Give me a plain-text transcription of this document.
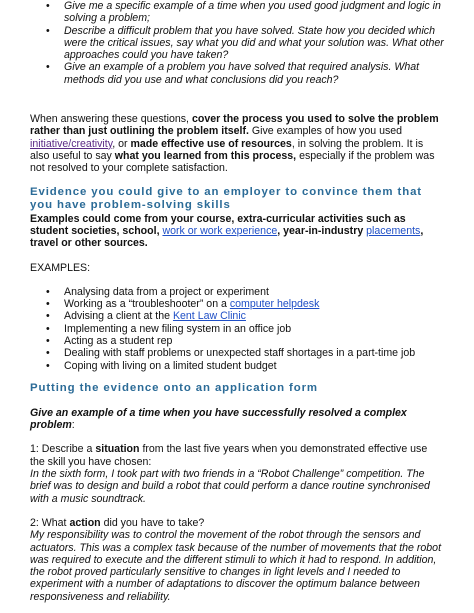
• Give me a specific example of a time when you used good judgment and logic in solving a problem;
• Describe a difficult problem that you have solved. State how you decided which were the critical issues, say what you did and what your solution was. What other approaches could you have taken?
• Give an example of a problem you have solved that required analysis. What methods did you use and what conclusions did you reach?

When answering these questions, cover the process you used to solve the problem rather than just outlining the problem itself. Give examples of how you used initiative/creativity, or made effective use of resources, in solving the problem. It is also useful to say what you learned from this process, especially if the problem was not resolved to your complete satisfaction.

Evidence you could give to an employer to convince them that you have problem-solving skills

Examples could come from your course, extra-curricular activities such as student societies, school, work or work experience, year-in-industry placements, travel or other sources.

EXAMPLES:

• Analysing data from a project or experiment
• Working as a “troubleshooter” on a computer helpdesk
• Advising a client at the Kent Law Clinic
• Implementing a new filing system in an office job
• Acting as a student rep
• Dealing with staff problems or unexpected staff shortages in a part-time job
• Coping with living on a limited student budget

Putting the evidence onto an application form

Give an example of a time when you have successfully resolved a complex problem:

1: Describe a situation from the last five years when you demonstrated effective use the skill you have chosen:

In the sixth form, I took part with two friends in a “Robot Challenge” competition. The brief was to design and build a robot that could perform a dance routine synchronised with a music soundtrack.

2: What action did you have to take?

My responsibility was to control the movement of the robot through the sensors and actuators. This was a complex task because of the number of movements that the robot was required to execute and the different stimuli to which it had to respond. In addition, the robot proved particularly sensitive to changes in light levels and I needed to experiment with a number of adaptations to discover the optimum balance between responsiveness and reliability.
